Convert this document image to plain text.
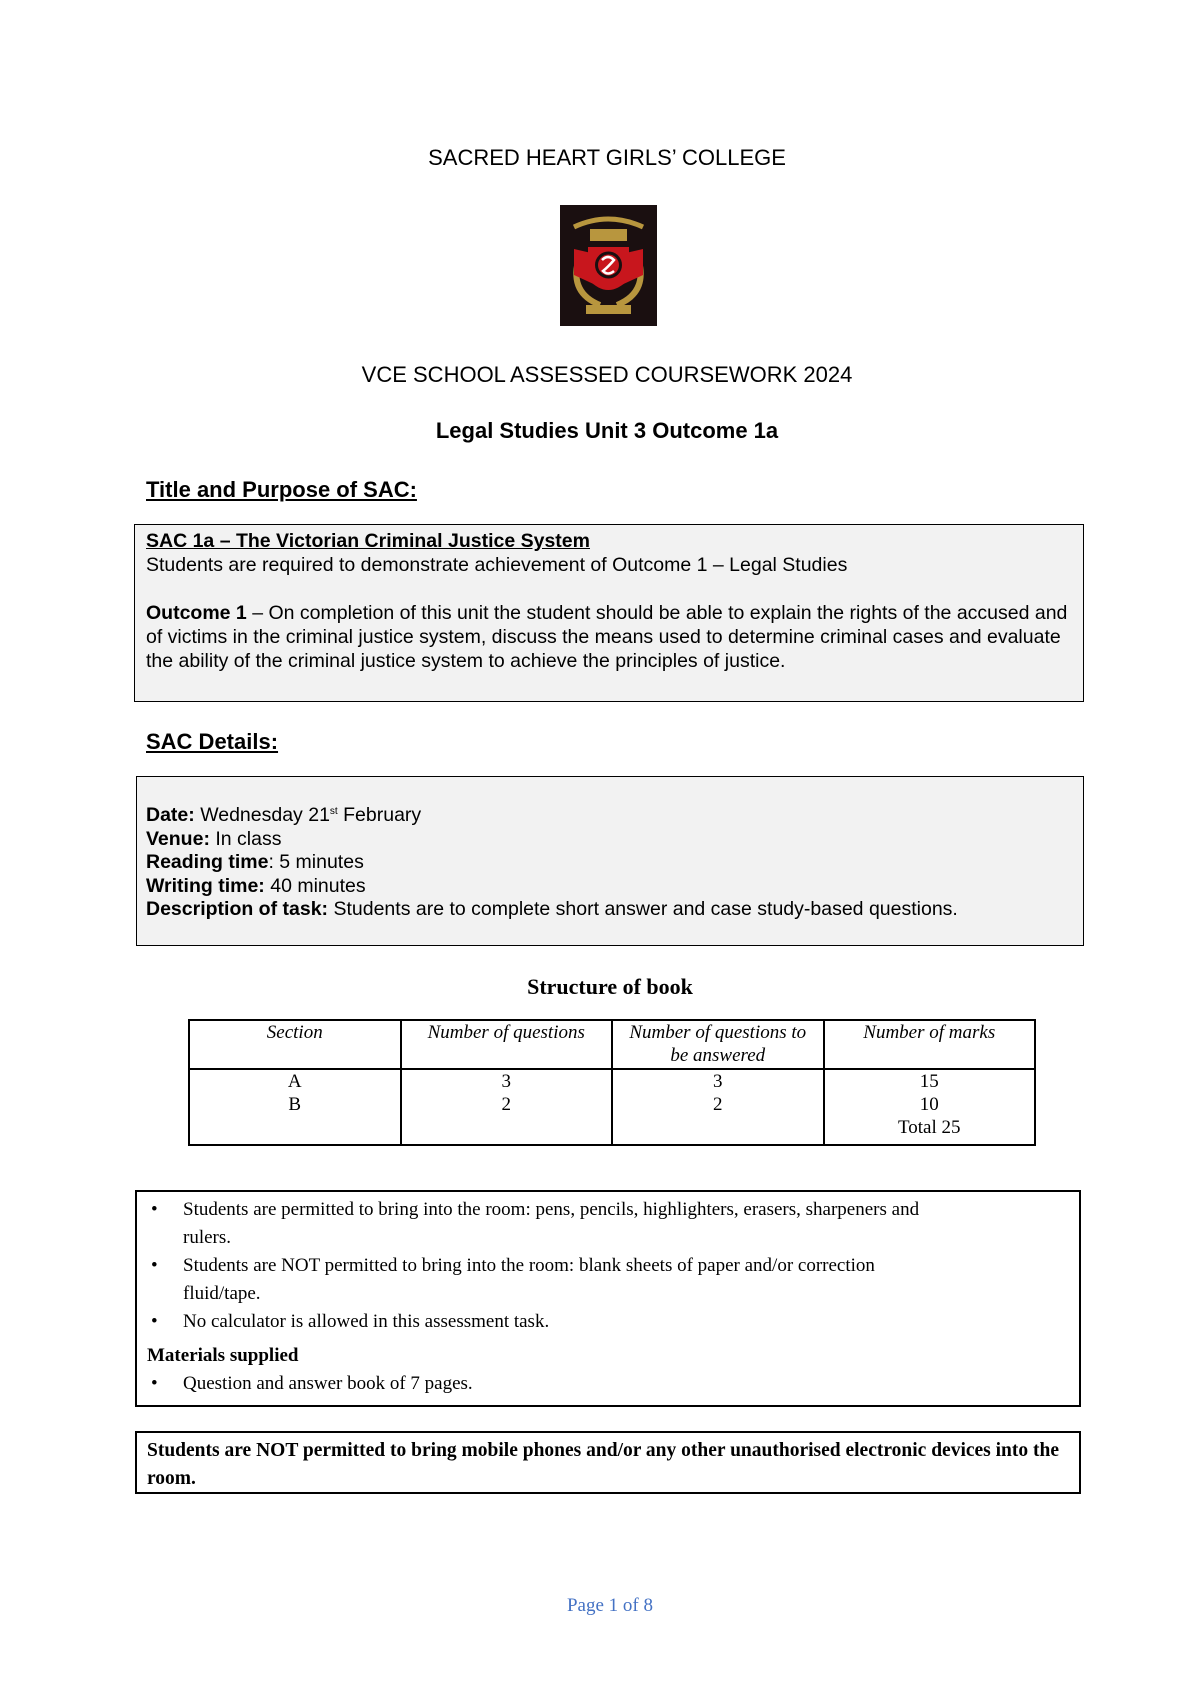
SACRED HEART GIRLS’ COLLEGE
VCE SCHOOL ASSESSED COURSEWORK 2024
Legal Studies Unit 3 Outcome 1a
Title and Purpose of SAC:
SAC 1a – The Victorian Criminal Justice System
Students are required to demonstrate achievement of Outcome 1 – Legal Studies
Outcome 1 – On completion of this unit the student should be able to explain the rights of the accused and of victims in the criminal justice system, discuss the means used to determine criminal cases and evaluate the ability of the criminal justice system to achieve the principles of justice.
SAC Details:
Date: Wednesday 21st February
Venue: In class
Reading time: 5 minutes
Writing time: 40 minutes
Description of task: Students are to complete short answer and case study-based questions.
Structure of book
Section	Number of questions	Number of questions to be answered	Number of marks
A	3	3	15
B	2	2	10
			Total 25
•	Students are permitted to bring into the room: pens, pencils, highlighters, erasers, sharpeners and rulers.
•	Students are NOT permitted to bring into the room: blank sheets of paper and/or correction fluid/tape.
•	No calculator is allowed in this assessment task.
Materials supplied
•	Question and answer book of 7 pages.
Students are NOT permitted to bring mobile phones and/or any other unauthorised electronic devices into the room.
Page 1 of 8
